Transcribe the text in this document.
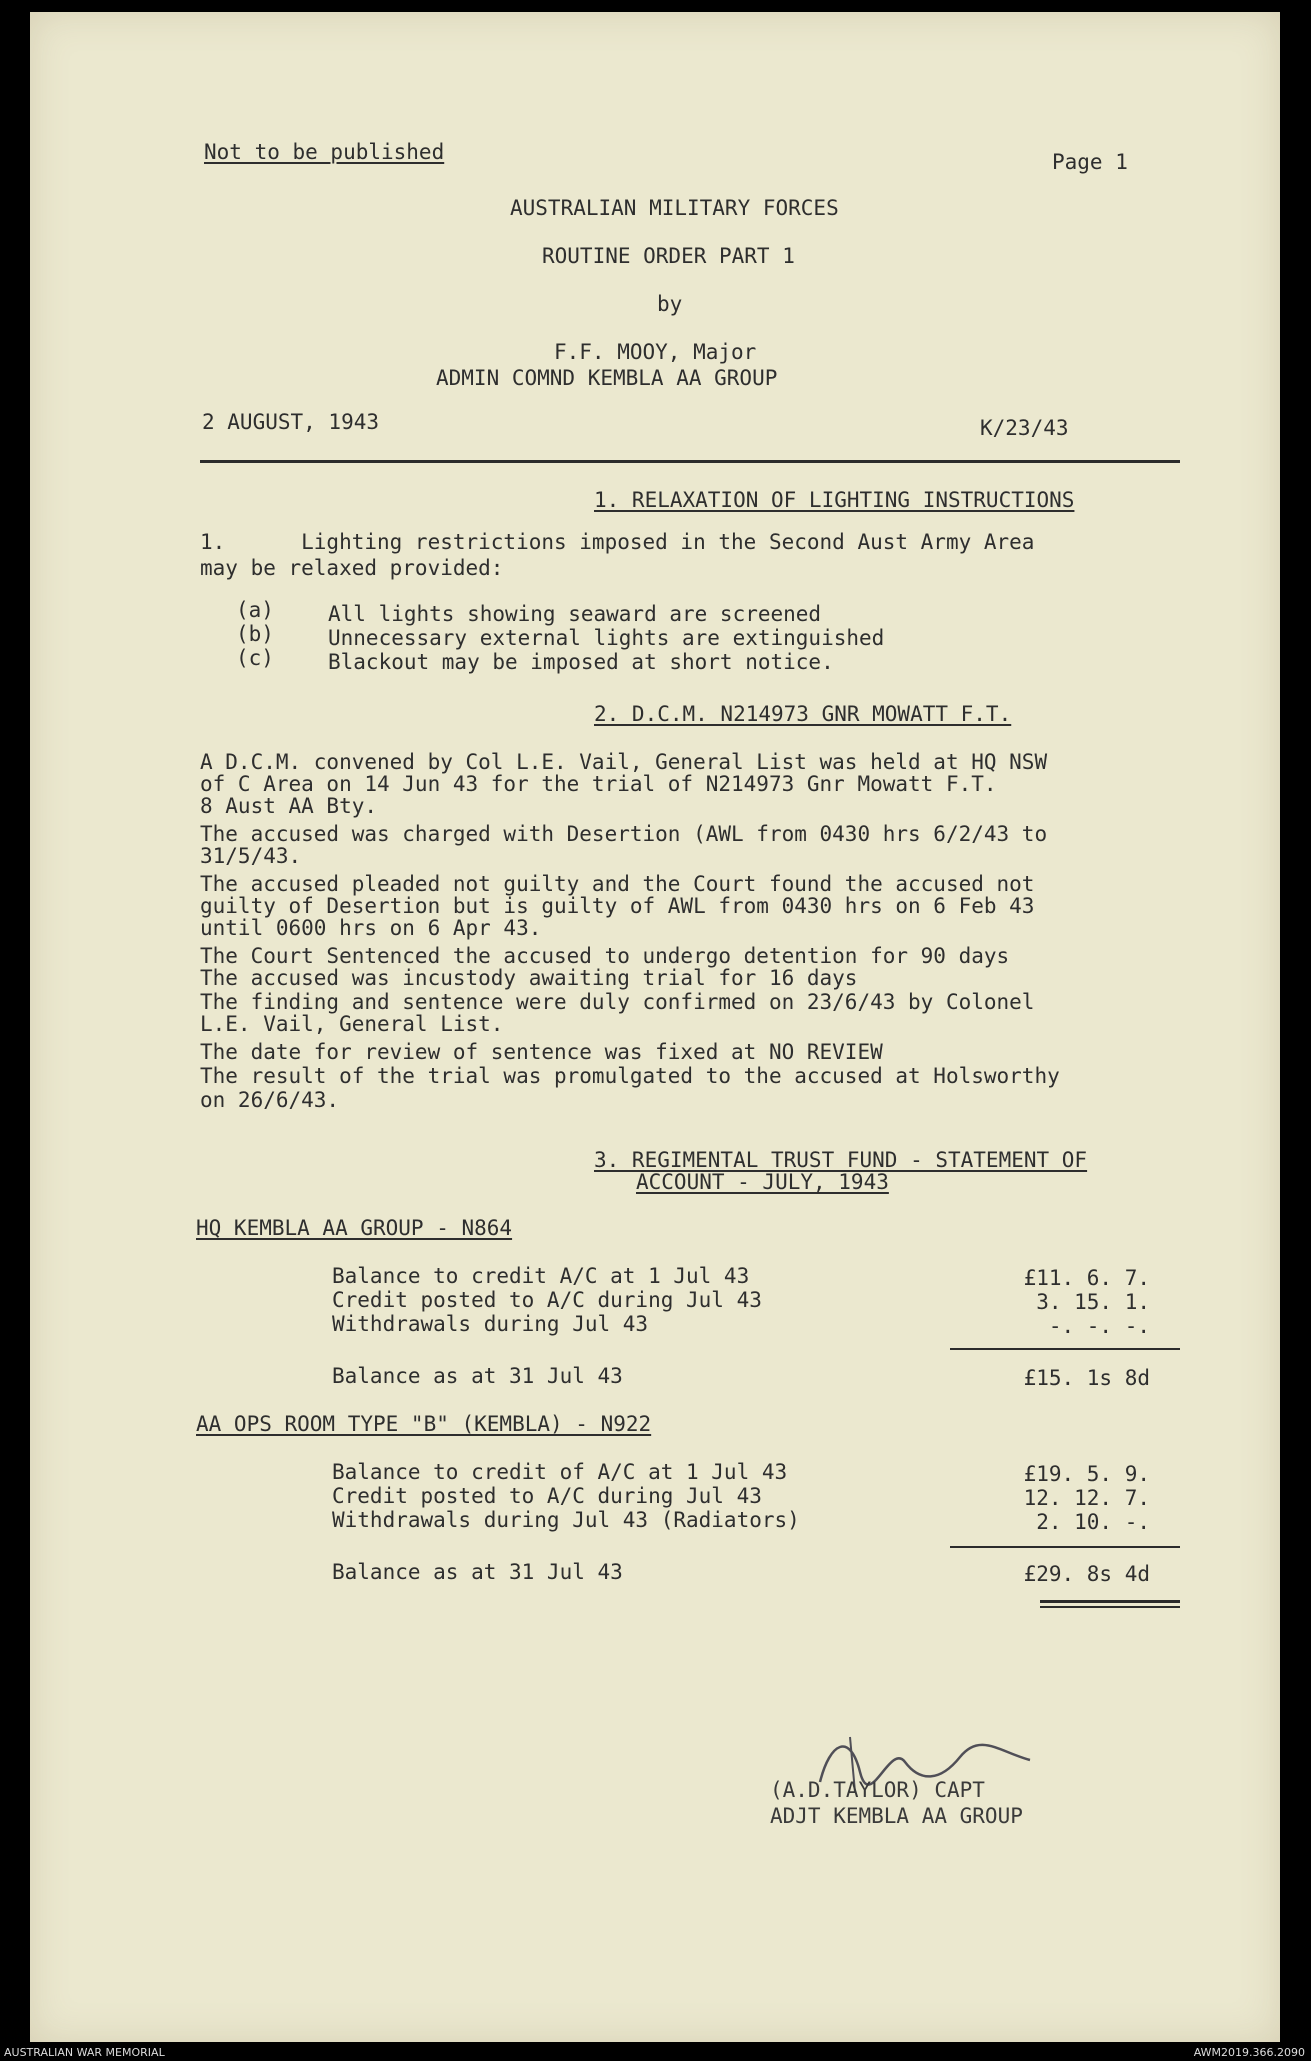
Not to be published	Page 1
AUSTRALIAN MILITARY FORCES
ROUTINE ORDER PART 1
by
F.F. MOOY, Major
ADMIN COMND KEMBLA AA GROUP
2 AUGUST, 1943	K/23/43
1. RELAXATION OF LIGHTING INSTRUCTIONS
1.      Lighting restrictions imposed in the Second Aust Army Area
may be relaxed provided:
(a)	All lights showing seaward are screened
(b)	Unnecessary external lights are extinguished
(c)	Blackout may be imposed at short notice.
2. D.C.M. N214973 GNR MOWATT F.T.
A D.C.M. convened by Col L.E. Vail, General List was held at HQ NSW
of C Area on 14 Jun 43 for the trial of N214973 Gnr Mowatt F.T.
8 Aust AA Bty.
The accused was charged with Desertion (AWL from 0430 hrs 6/2/43 to
31/5/43.
The accused pleaded not guilty and the Court found the accused not
guilty of Desertion but is guilty of AWL from 0430 hrs on 6 Feb 43
until 0600 hrs on 6 Apr 43.
The Court Sentenced the accused to undergo detention for 90 days
The accused was incustody awaiting trial for 16 days
The finding and sentence were duly confirmed on 23/6/43 by Colonel
L.E. Vail, General List.
The date for review of sentence was fixed at NO REVIEW
The result of the trial was promulgated to the accused at Holsworthy
on 26/6/43.
3. REGIMENTAL TRUST FUND - STATEMENT OF
ACCOUNT - JULY, 1943
HQ KEMBLA AA GROUP - N864
Balance to credit A/C at 1 Jul 43	£11. 6. 7.
Credit posted to A/C during Jul 43	3. 15. 1.
Withdrawals during Jul 43	-. -. -.
Balance as at 31 Jul 43	£15. 1s 8d
AA OPS ROOM TYPE "B" (KEMBLA) - N922
Balance to credit of A/C at 1 Jul 43	£19. 5. 9.
Credit posted to A/C during Jul 43	12. 12. 7.
Withdrawals during Jul 43 (Radiators)	2. 10. -.
Balance as at 31 Jul 43	£29. 8s 4d
(A.D.TAYLOR) CAPT
ADJT KEMBLA AA GROUP
AUSTRALIAN WAR MEMORIAL	AWM2019.366.2090
